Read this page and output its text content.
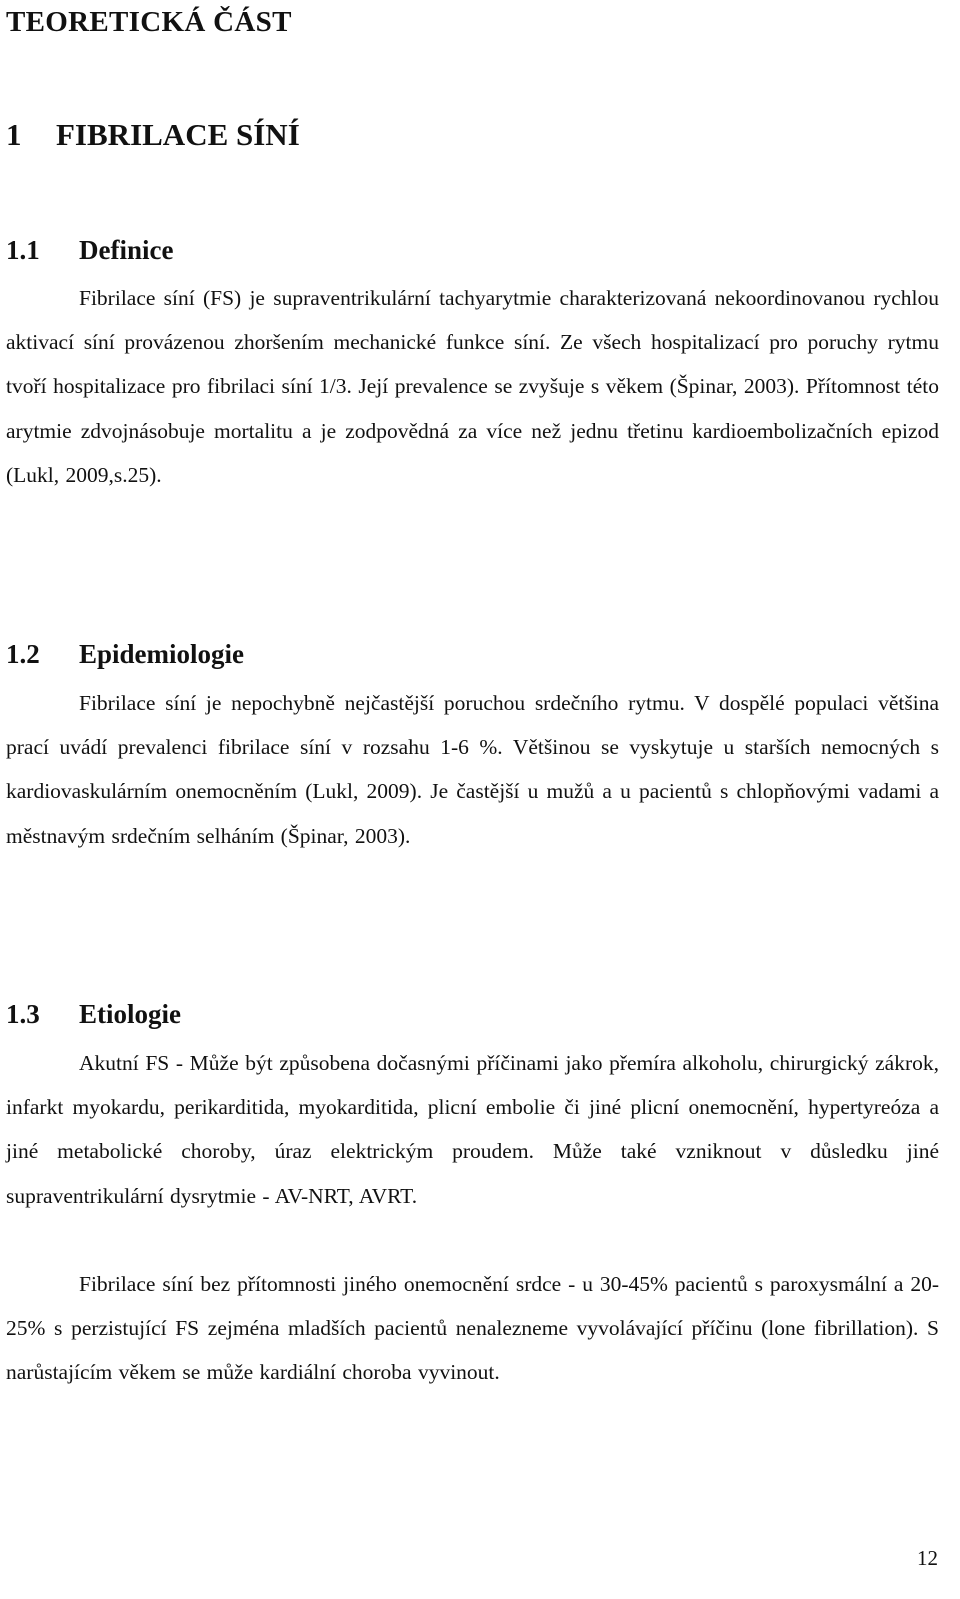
TEORETICKÁ ČÁST
1 FIBRILACE SÍNÍ
1.1 Definice

Fibrilace síní (FS) je supraventrikulární tachyarytmie charakterizovaná nekoordinovanou rychlou aktivací síní provázenou zhoršením mechanické funkce síní. Ze všech hospitalizací pro poruchy rytmu tvoří hospitalizace pro fibrilaci síní 1/3. Její prevalence se zvyšuje s věkem (Špinar, 2003). Přítomnost této arytmie zdvojnásobuje mortalitu a je zodpovědná za více než jednu třetinu kardioembolizačních epizod (Lukl, 2009,s.25).

1.2 Epidemiologie

Fibrilace síní je nepochybně nejčastější poruchou srdečního rytmu. V dospělé populaci většina prací uvádí prevalenci fibrilace síní v rozsahu 1-6 %. Většinou se vyskytuje u starších nemocných s kardiovaskulárním onemocněním (Lukl, 2009). Je častější u mužů a u pacientů s chlopňovými vadami a městnavým srdečním selháním (Špinar, 2003).

1.3 Etiologie

Akutní FS - Může být způsobena dočasnými příčinami jako přemíra alkoholu, chirurgický zákrok, infarkt myokardu, perikarditida, myokarditida, plicní embolie či jiné plicní onemocnění, hypertyreóza a jiné metabolické choroby, úraz elektrickým proudem. Může také vzniknout v důsledku jiné supraventrikulární dysrytmie - AV-NRT, AVRT.

Fibrilace síní bez přítomnosti jiného onemocnění srdce - u 30-45% pacientů s paroxysmální a 20-25% s perzistující FS zejména mladších pacientů nenalezneme vyvolávající příčinu (lone fibrillation). S narůstajícím věkem se může kardiální choroba vyvinout.

12
